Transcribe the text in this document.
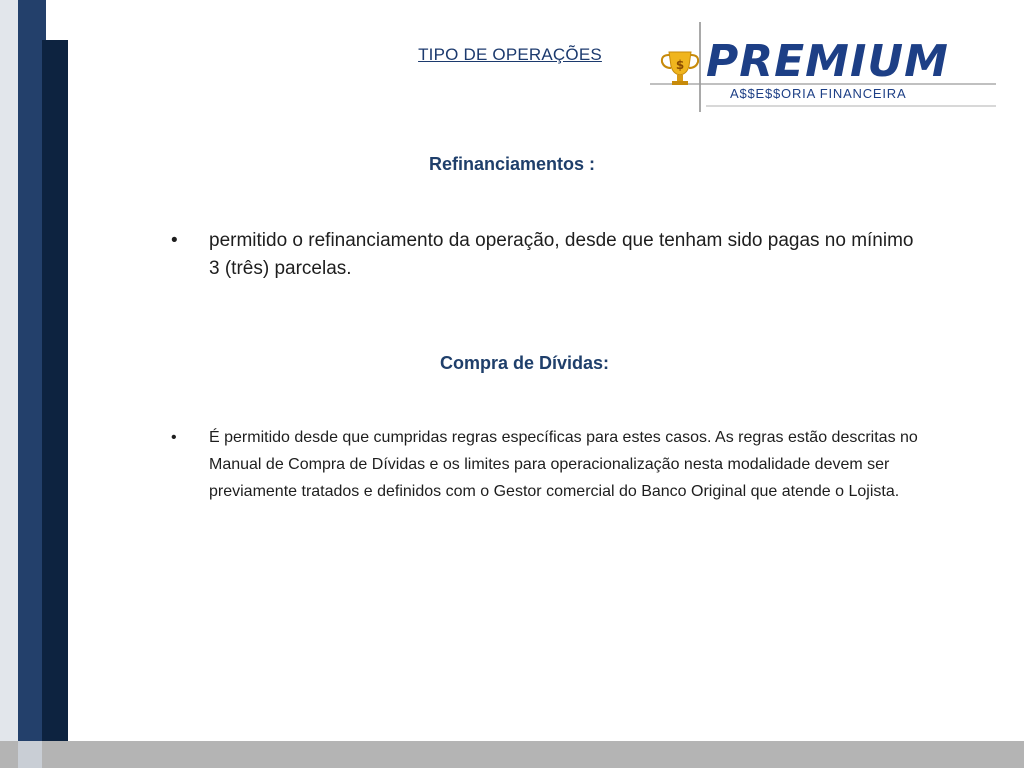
TIPO DE OPERAÇÕES
$ PREMIUM
A$$E$$ORIA FINANCEIRA
Refinanciamentos :
• permitido o refinanciamento da operação, desde que tenham sido pagas no mínimo 3 (três) parcelas.
Compra de Dívidas:
• É permitido desde que cumpridas regras específicas para estes casos. As regras estão descritas no Manual de Compra de Dívidas e os limites para operacionalização nesta modalidade devem ser previamente tratados e definidos com o Gestor comercial do Banco Original que atende o Lojista.
